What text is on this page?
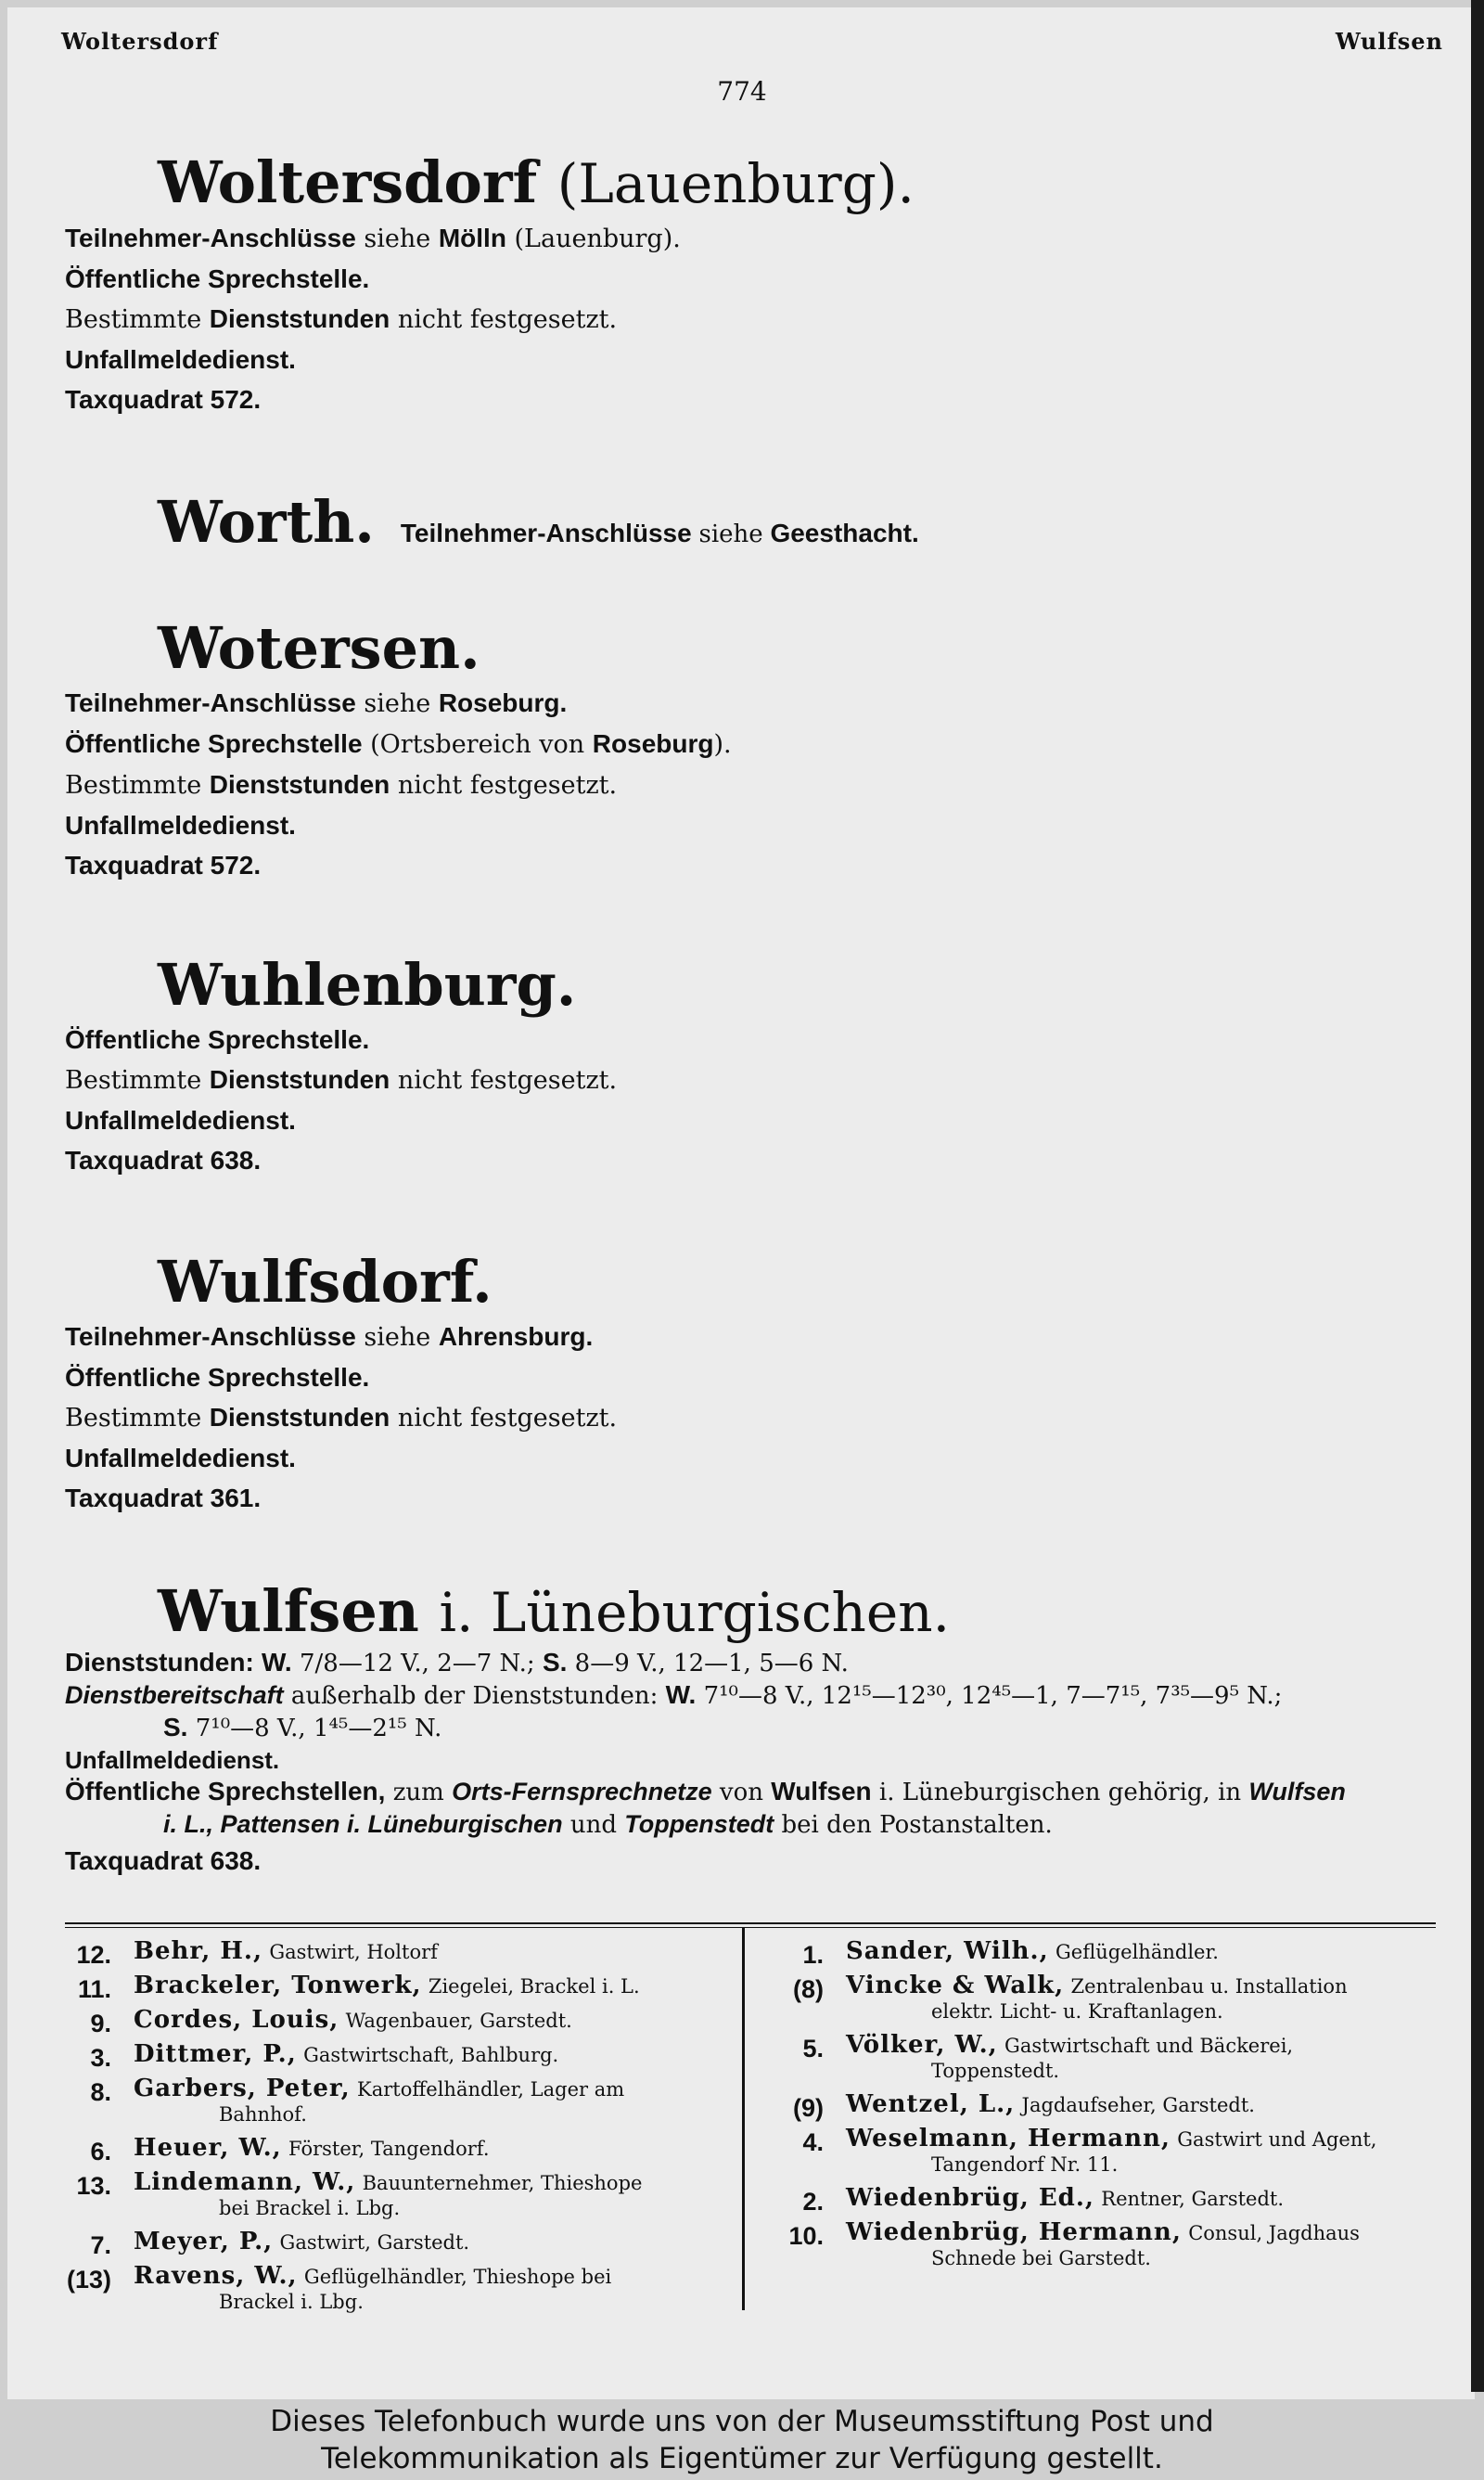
Woltersdorf	Wulfsen
774
Woltersdorf (Lauenburg).
Teilnehmer-Anschlüsse siehe Mölln (Lauenburg).
Öffentliche Sprechstelle.
Bestimmte Dienststunden nicht festgesetzt.
Unfallmeldedienst.
Taxquadrat 572.
Worth. Teilnehmer-Anschlüsse siehe Geesthacht.
Wotersen.
Teilnehmer-Anschlüsse siehe Roseburg.
Öffentliche Sprechstelle (Ortsbereich von Roseburg).
Bestimmte Dienststunden nicht festgesetzt.
Unfallmeldedienst.
Taxquadrat 572.
Wuhlenburg.
Öffentliche Sprechstelle.
Bestimmte Dienststunden nicht festgesetzt.
Unfallmeldedienst.
Taxquadrat 638.
Wulfsdorf.
Teilnehmer-Anschlüsse siehe Ahrensburg.
Öffentliche Sprechstelle.
Bestimmte Dienststunden nicht festgesetzt.
Unfallmeldedienst.
Taxquadrat 361.
Wulfsen i. Lüneburgischen.
Dienststunden: W. 7/8—12 V., 2—7 N.; S. 8—9 V., 12—1, 5—6 N.
Dienstbereitschaft außerhalb der Dienststunden: W. 7¹⁰—8 V., 12¹⁵—12³⁰, 12⁴⁵—1, 7—7¹⁵, 7³⁵—9⁵ N.;
S. 7¹⁰—8 V., 1⁴⁵—2¹⁵ N.
Unfallmeldedienst.
Öffentliche Sprechstellen, zum Orts-Fernsprechnetze von Wulfsen i. Lüneburgischen gehörig, in Wulfsen
i. L., Pattensen i. Lüneburgischen und Toppenstedt bei den Postanstalten.
Taxquadrat 638.
12. Behr, H., Gastwirt, Holtorf
11. Brackeler, Tonwerk, Ziegelei, Brackel i. L.
9. Cordes, Louis, Wagenbauer, Garstedt.
3. Dittmer, P., Gastwirtschaft, Bahlburg.
8. Garbers, Peter, Kartoffelhändler, Lager am
Bahnhof.
6. Heuer, W., Förster, Tangendorf.
13. Lindemann, W., Bauunternehmer, Thieshope
bei Brackel i. Lbg.
7. Meyer, P., Gastwirt, Garstedt.
(13) Ravens, W., Geflügelhändler, Thieshope bei
Brackel i. Lbg.
1. Sander, Wilh., Geflügelhändler.
(8) Vincke & Walk, Zentralenbau u. Installation
elektr. Licht- u. Kraftanlagen.
5. Völker, W., Gastwirtschaft und Bäckerei,
Toppenstedt.
(9) Wentzel, L., Jagdaufseher, Garstedt.
4. Weselmann, Hermann, Gastwirt und Agent,
Tangendorf Nr. 11.
2. Wiedenbrüg, Ed., Rentner, Garstedt.
10. Wiedenbrüg, Hermann, Consul, Jagdhaus
Schnede bei Garstedt.

Dieses Telefonbuch wurde uns von der Museumsstiftung Post und

Telekommunikation als Eigentümer zur Verfügung gestellt.
